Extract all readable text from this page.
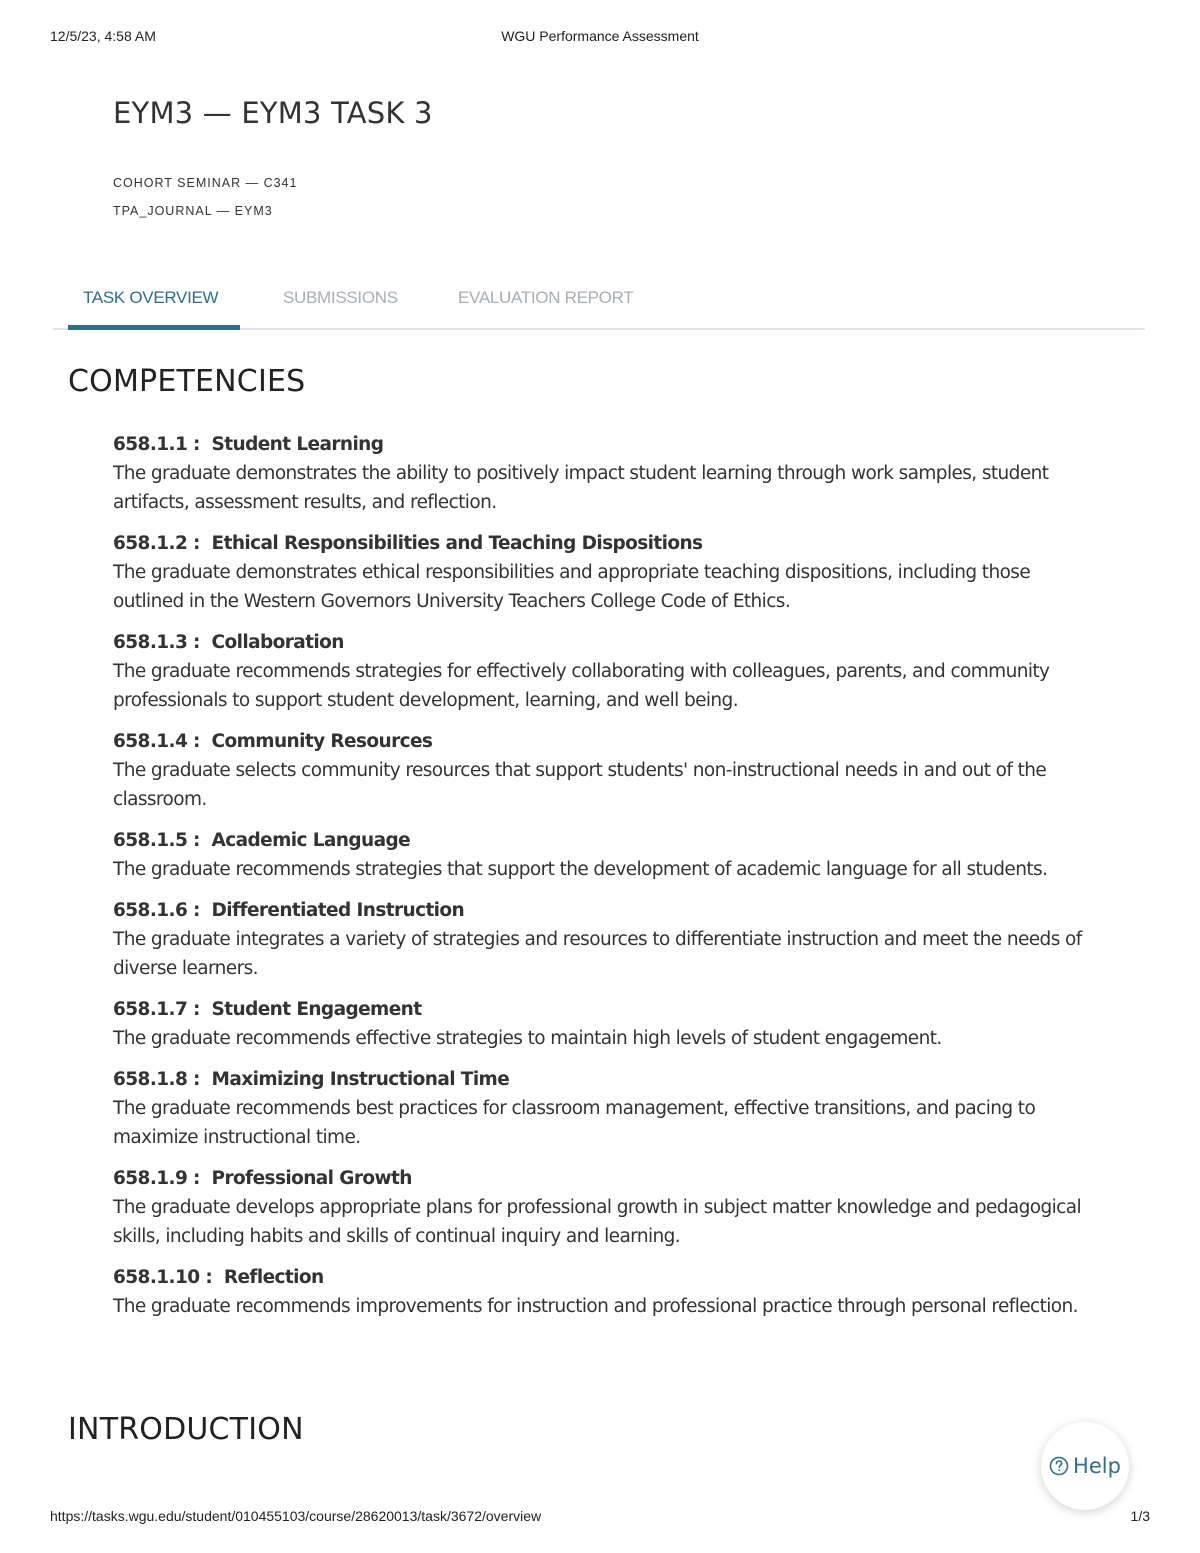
12/5/23, 4:58 AM	WGU Performance Assessment
EYM3 — EYM3 TASK 3
COHORT SEMINAR — C341
TPA_JOURNAL — EYM3
TASK OVERVIEW	SUBMISSIONS	EVALUATION REPORT
COMPETENCIES
658.1.1 : Student Learning
The graduate demonstrates the ability to positively impact student learning through work samples, student artifacts, assessment results, and reflection.
658.1.2 : Ethical Responsibilities and Teaching Dispositions
The graduate demonstrates ethical responsibilities and appropriate teaching dispositions, including those outlined in the Western Governors University Teachers College Code of Ethics.
658.1.3 : Collaboration
The graduate recommends strategies for effectively collaborating with colleagues, parents, and community professionals to support student development, learning, and well being.
658.1.4 : Community Resources
The graduate selects community resources that support students' non-instructional needs in and out of the classroom.
658.1.5 : Academic Language
The graduate recommends strategies that support the development of academic language for all students.
658.1.6 : Differentiated Instruction
The graduate integrates a variety of strategies and resources to differentiate instruction and meet the needs of diverse learners.
658.1.7 : Student Engagement
The graduate recommends effective strategies to maintain high levels of student engagement.
658.1.8 : Maximizing Instructional Time
The graduate recommends best practices for classroom management, effective transitions, and pacing to maximize instructional time.
658.1.9 : Professional Growth
The graduate develops appropriate plans for professional growth in subject matter knowledge and pedagogical skills, including habits and skills of continual inquiry and learning.
658.1.10 : Reflection
The graduate recommends improvements for instruction and professional practice through personal reflection.
INTRODUCTION
Help
https://tasks.wgu.edu/student/010455103/course/28620013/task/3672/overview	1/3
